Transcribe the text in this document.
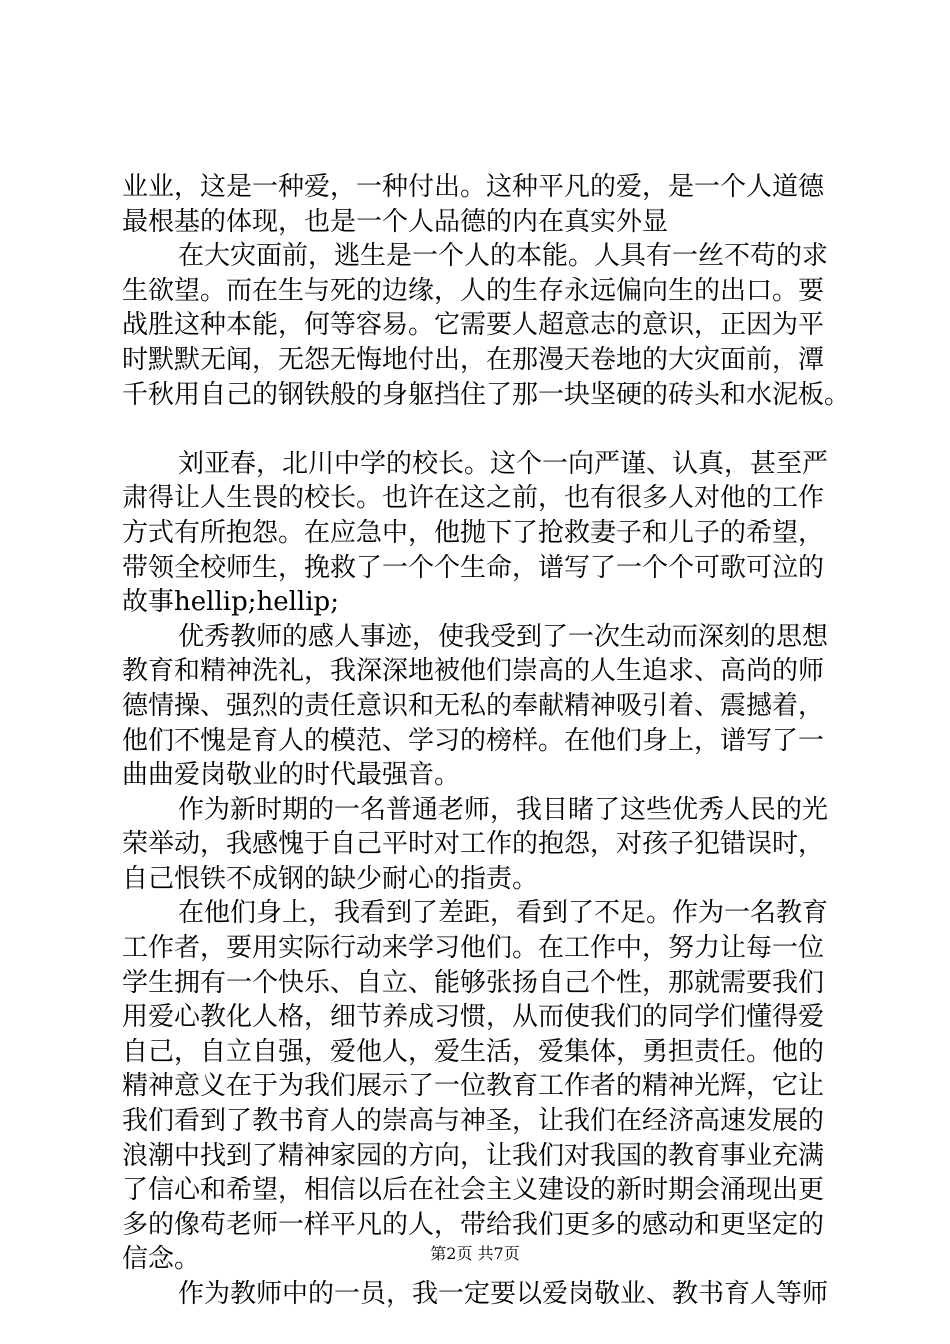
业业，这是一种爱，一种付出。这种平凡的爱，是一个人道德
最根基的体现，也是一个人品德的内在真实外显
在大灾面前，逃生是一个人的本能。人具有一丝不苟的求
生欲望。而在生与死的边缘，人的生存永远偏向生的出口。要
战胜这种本能，何等容易。它需要人超意志的意识，正因为平
时默默无闻，无怨无悔地付出，在那漫天卷地的大灾面前，潭
千秋用自己的钢铁般的身躯挡住了那一块坚硬的砖头和水泥板。
刘亚春，北川中学的校长。这个一向严谨、认真，甚至严
肃得让人生畏的校长。也许在这之前，也有很多人对他的工作
方式有所抱怨。在应急中，他抛下了抢救妻子和儿子的希望，
带领全校师生，挽救了一个个生命，谱写了一个个可歌可泣的
故事hellip;hellip;
优秀教师的感人事迹，使我受到了一次生动而深刻的思想
教育和精神洗礼，我深深地被他们崇高的人生追求、高尚的师
德情操、强烈的责任意识和无私的奉献精神吸引着、震撼着，
他们不愧是育人的模范、学习的榜样。在他们身上，谱写了一
曲曲爱岗敬业的时代最强音。
作为新时期的一名普通老师，我目睹了这些优秀人民的光
荣举动，我感愧于自己平时对工作的抱怨，对孩子犯错误时，
自己恨铁不成钢的缺少耐心的指责。
在他们身上，我看到了差距，看到了不足。作为一名教育
工作者，要用实际行动来学习他们。在工作中，努力让每一位
学生拥有一个快乐、自立、能够张扬自己个性，那就需要我们
用爱心教化人格，细节养成习惯，从而使我们的同学们懂得爱
自己，自立自强，爱他人，爱生活，爱集体，勇担责任。他的
精神意义在于为我们展示了一位教育工作者的精神光辉，它让
我们看到了教书育人的崇高与神圣，让我们在经济高速发展的
浪潮中找到了精神家园的方向，让我们对我国的教育事业充满
了信心和希望，相信以后在社会主义建设的新时期会涌现出更
多的像苟老师一样平凡的人，带给我们更多的感动和更坚定的
信念。
作为教师中的一员，我一定要以爱岗敬业、教书育人等师
第2页 共7页
